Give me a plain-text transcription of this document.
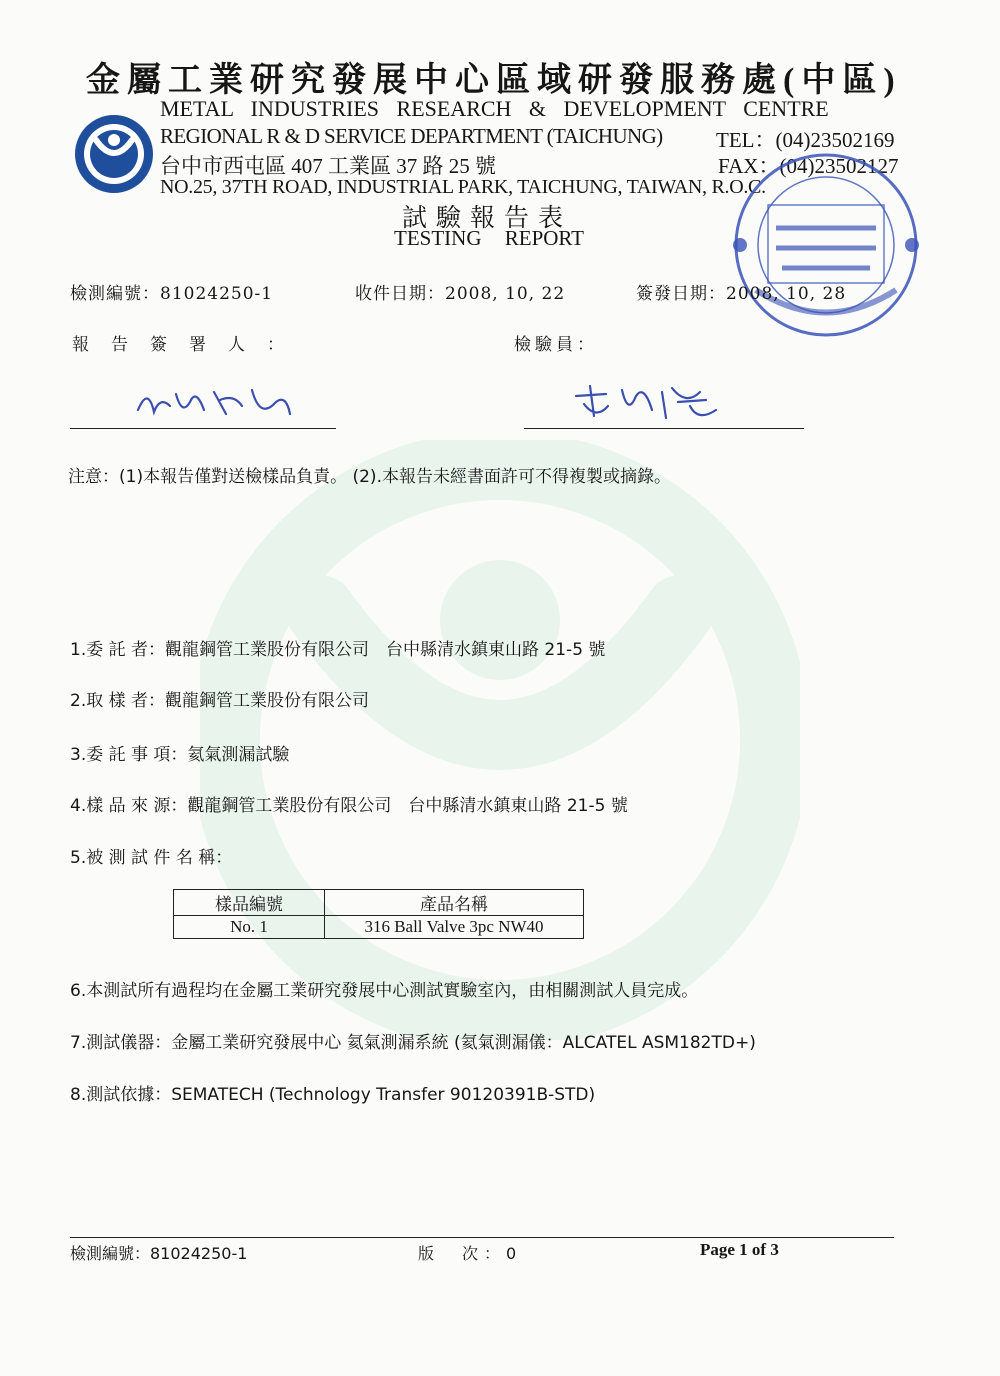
金屬工業研究發展中心區域研發服務處(中區)
METAL INDUSTRIES RESEARCH & DEVELOPMENT CENTRE
REGIONAL R & D SERVICE DEPARTMENT (TAICHUNG)	TEL：(04)23502169
台中市西屯區 407 工業區 37 路 25 號	FAX：(04)23502127
NO.25, 37TH ROAD, INDUSTRIAL PARK, TAICHUNG, TAIWAN, R.O.C.
試驗報告表
TESTING REPORT
檢測編號：81024250-1	收件日期：2008, 10, 22	簽發日期：2008, 10, 28
報告簽署人：	檢驗員：
注意：(1)本報告僅對送檢樣品負責。 (2).本報告未經書面許可不得複製或摘錄。
1.委 託 者：觀龍鋼管工業股份有限公司　台中縣清水鎮東山路 21-5 號
2.取 樣 者：觀龍鋼管工業股份有限公司
3.委 託 事 項：氦氣測漏試驗
4.樣 品 來 源：觀龍鋼管工業股份有限公司　台中縣清水鎮東山路 21-5 號
5.被 測 試 件 名 稱：
樣品編號	產品名稱
No. 1	316 Ball Valve 3pc NW40
6.本測試所有過程均在金屬工業研究發展中心測試實驗室內，由相關測試人員完成。
7.測試儀器：金屬工業研究發展中心 氦氣測漏系統 (氦氣測漏儀：ALCATEL ASM182TD+)
8.測試依據：SEMATECH (Technology Transfer 90120391B-STD)
檢測編號：81024250-1	版　次：0	Page 1 of 3
